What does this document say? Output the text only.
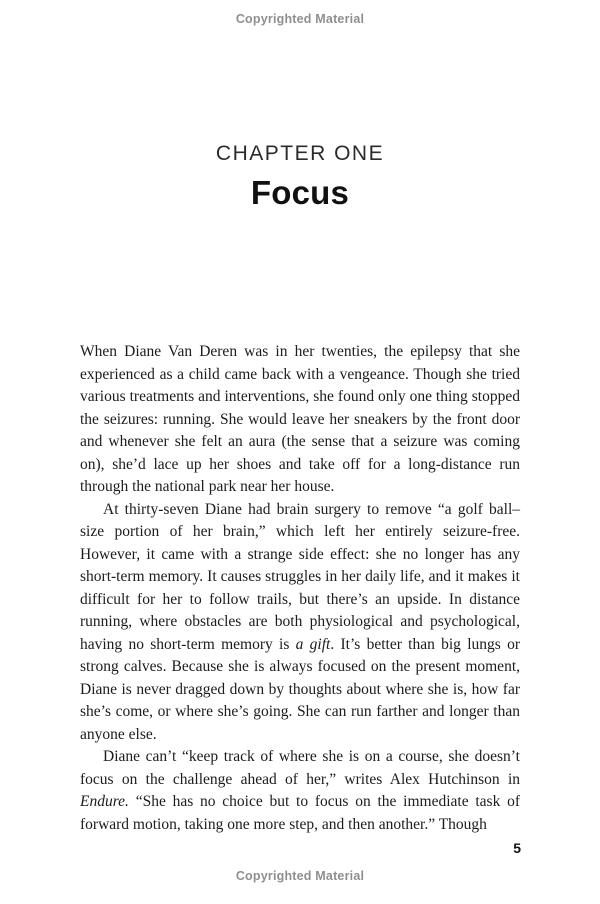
Copyrighted Material
CHAPTER ONE
Focus

When Diane Van Deren was in her twenties, the epilepsy that she experienced as a child came back with a vengeance. Though she tried various treatments and interventions, she found only one thing stopped the seizures: running. She would leave her sneakers by the front door and whenever she felt an aura (the sense that a seizure was coming on), she’d lace up her shoes and take off for a long-distance run through the national park near her house.

At thirty-seven Diane had brain surgery to remove “a golf ball–size portion of her brain,” which left her entirely seizure-free. However, it came with a strange side effect: she no longer has any short-term memory. It causes struggles in her daily life, and it makes it difficult for her to follow trails, but there’s an upside. In distance running, where obstacles are both physiological and psychological, having no short-term memory is a gift. It’s better than big lungs or strong calves. Because she is always focused on the present moment, Diane is never dragged down by thoughts about where she is, how far she’s come, or where she’s going. She can run farther and longer than anyone else.

Diane can’t “keep track of where she is on a course, she doesn’t focus on the challenge ahead of her,” writes Alex Hutchinson in Endure. “She has no choice but to focus on the immediate task of forward motion, taking one more step, and then another.” Though

5
Copyrighted Material
